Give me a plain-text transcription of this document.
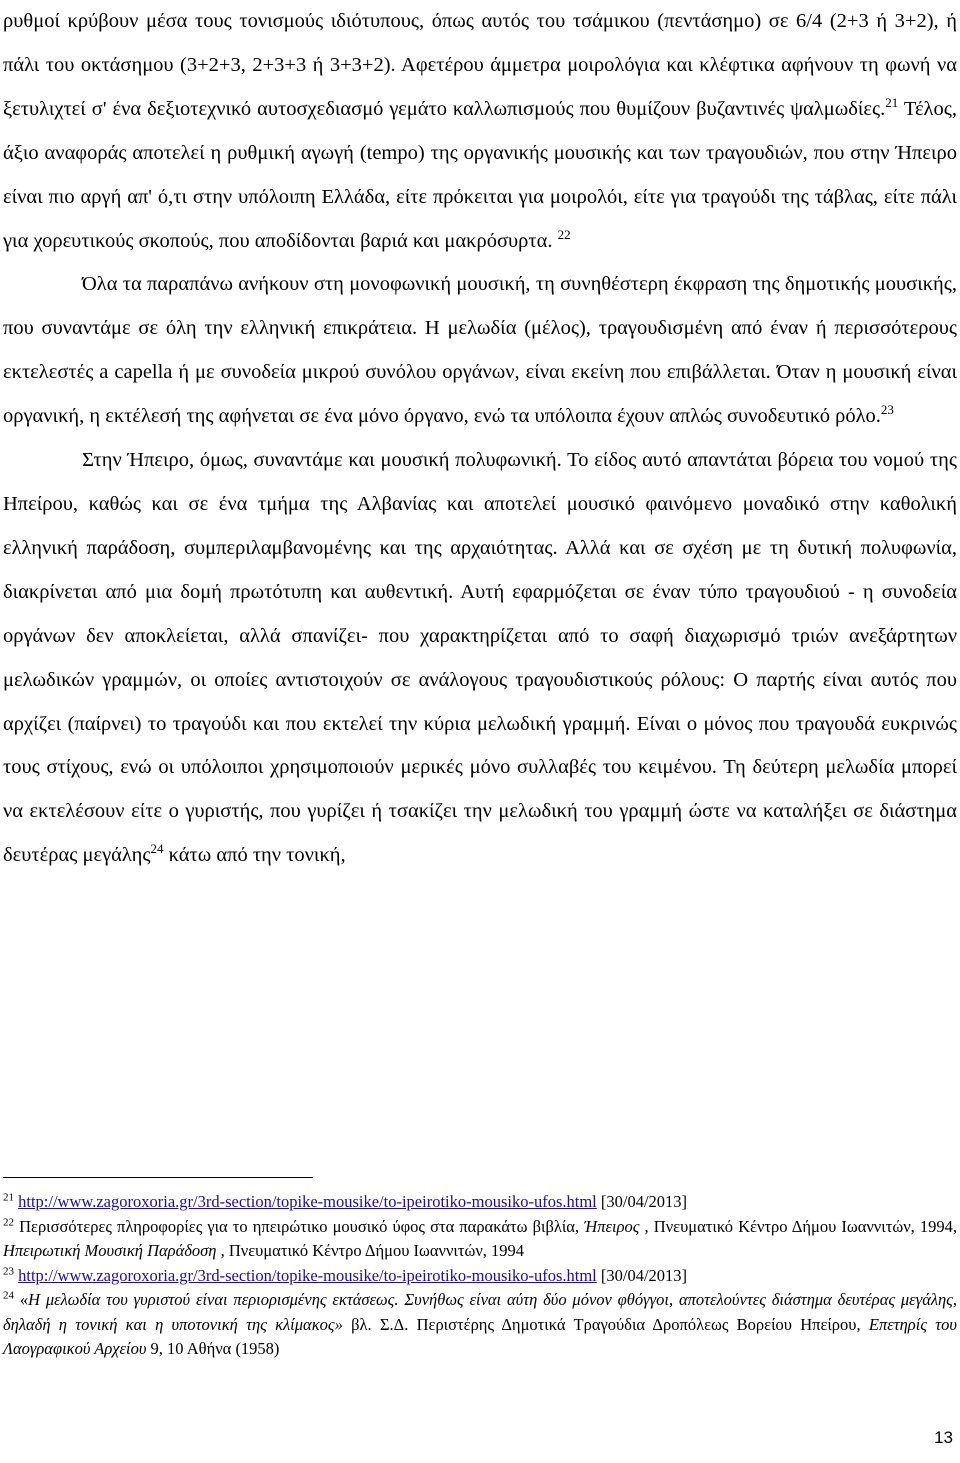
ρυθμοί κρύβουν μέσα τους τονισμούς ιδιότυπους, όπως αυτός του τσάμικου (πεντάσημο) σε 6/4 (2+3 ή 3+2), ή πάλι του οκτάσημου (3+2+3, 2+3+3 ή 3+3+2). Αφετέρου άμμετρα μοιρολόγια και κλέφτικα αφήνουν τη φωνή να ξετυλιχτεί σ' ένα δεξιοτεχνικό αυτοσχεδιασμό γεμάτο καλλωπισμούς που θυμίζουν βυζαντινές ψαλμωδίες.$^{21}$ Τέλος, άξιο αναφοράς αποτελεί η ρυθμική αγωγή (tempo) της οργανικής μουσικής και των τραγουδιών, που στην Ήπειρο είναι πιο αργή απ' ό,τι στην υπόλοιπη Ελλάδα, είτε πρόκειται για μοιρολόι, είτε για τραγούδι της τάβλας, είτε πάλι για χορευτικούς σκοπούς, που αποδίδονται βαριά και μακρόσυρτα. $^{22}$

Όλα τα παραπάνω ανήκουν στη μονοφωνική μουσική, τη συνηθέστερη έκφραση της δημοτικής μουσικής, που συναντάμε σε όλη την ελληνική επικράτεια. Η μελωδία (μέλος), τραγουδισμένη από έναν ή περισσότερους εκτελεστές a capella ή με συνοδεία μικρού συνόλου οργάνων, είναι εκείνη που επιβάλλεται. Όταν η μουσική είναι οργανική, η εκτέλεσή της αφήνεται σε ένα μόνο όργανο, ενώ τα υπόλοιπα έχουν απλώς συνοδευτικό ρόλο.$^{23}$

Στην Ήπειρο, όμως, συναντάμε και μουσική πολυφωνική. Το είδος αυτό απαντάται βόρεια του νομού της Ηπείρου, καθώς και σε ένα τμήμα της Αλβανίας και αποτελεί μουσικό φαινόμενο μοναδικό στην καθολική ελληνική παράδοση, συμπεριλαμβανομένης και της αρχαιότητας. Αλλά και σε σχέση με τη δυτική πολυφωνία, διακρίνεται από μια δομή πρωτότυπη και αυθεντική. Αυτή εφαρμόζεται σε έναν τύπο τραγουδιού - η συνοδεία οργάνων δεν αποκλείεται, αλλά σπανίζει- που χαρακτηρίζεται από το σαφή διαχωρισμό τριών ανεξάρτητων μελωδικών γραμμών, οι οποίες αντιστοιχούν σε ανάλογους τραγουδιστικούς ρόλους: Ο παρτής είναι αυτός που αρχίζει (παίρνει) το τραγούδι και που εκτελεί την κύρια μελωδική γραμμή. Είναι ο μόνος που τραγουδά ευκρινώς τους στίχους, ενώ οι υπόλοιποι χρησιμοποιούν μερικές μόνο συλλαβές του κειμένου. Τη δεύτερη μελωδία μπορεί να εκτελέσουν είτε ο γυριστής, που γυρίζει ή τσακίζει την μελωδική του γραμμή ώστε να καταλήξει σε διάστημα δευτέρας μεγάλης$^{24}$ κάτω από την τονική,

$^{21}$ http://www.zagoroxoria.gr/3rd-section/topike-mousike/to-ipeirotiko-mousiko-ufos.html [30/04/2013]

$^{22}$ Περισσότερες πληροφορίες για το ηπειρώτικο μουσικό ύφος στα παρακάτω βιβλία, Ήπειρος , Πνευματικό Κέντρο Δήμου Ιωαννιτών, 1994, Ηπειρωτική Μουσική Παράδοση , Πνευματικό Κέντρο Δήμου Ιωαννιτών, 1994

$^{23}$ http://www.zagoroxoria.gr/3rd-section/topike-mousike/to-ipeirotiko-mousiko-ufos.html [30/04/2013]

$^{24}$ «Η μελωδία του γυριστού είναι περιορισμένης εκτάσεως. Συνήθως είναι αύτη δύο μόνον φθόγγοι, αποτελούντες διάστημα δευτέρας μεγάλης, δηλαδή η τονική και η υποτονική της κλίμακος» βλ. Σ.Δ. Περιστέρης Δημοτικά Τραγούδια Δροπόλεως Βορείου Ηπείρου, Επετηρίς του Λαογραφικού Αρχείου 9, 10 Αθήνα (1958)

13
